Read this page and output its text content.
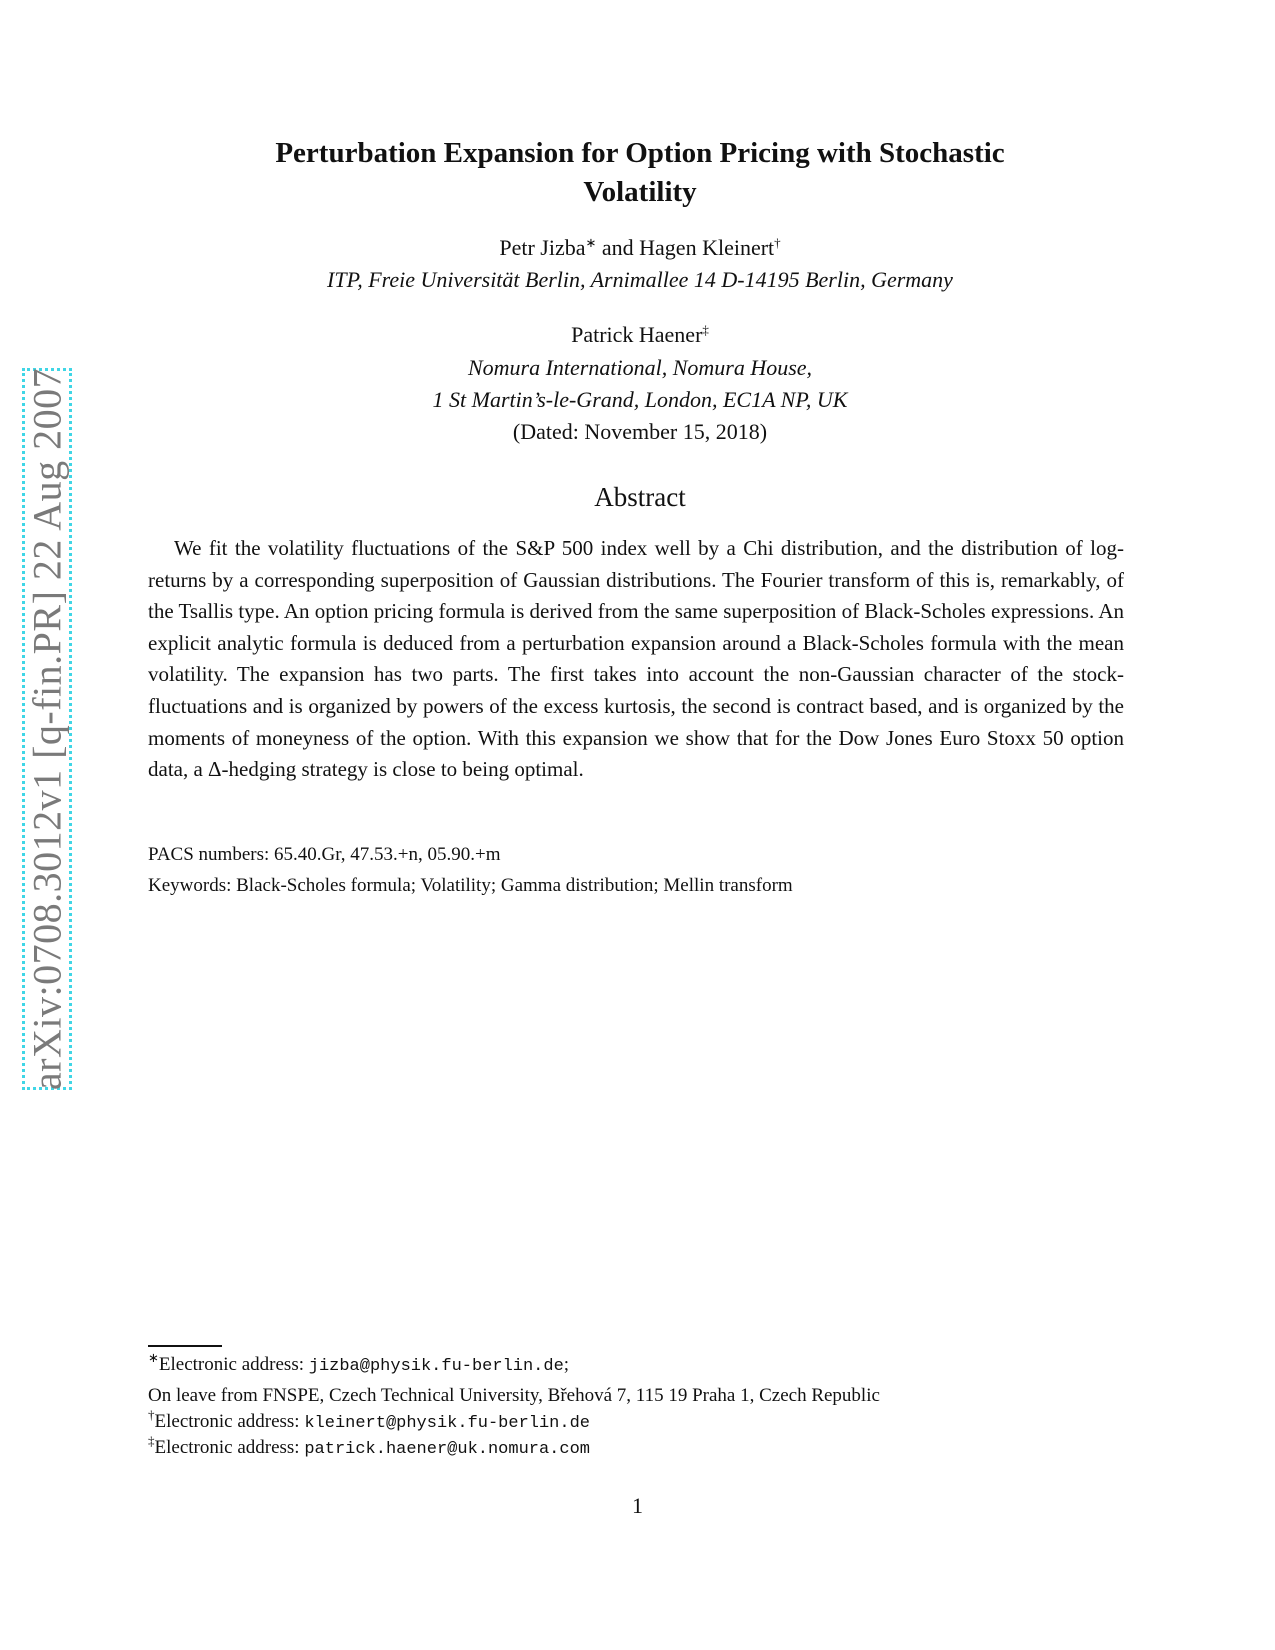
arXiv:0708.3012v1 [q-fin.PR] 22 Aug 2007
Perturbation Expansion for Option Pricing with Stochastic
Volatility
Petr Jizba∗ and Hagen Kleinert†
ITP, Freie Universität Berlin, Arnimallee 14 D-14195 Berlin, Germany
Patrick Haener‡
Nomura International, Nomura House,
1 St Martin’s-le-Grand, London, EC1A NP, UK
(Dated: November 15, 2018)
Abstract
We fit the volatility fluctuations of the S&P 500 index well by a Chi distribution, and the distribution of log-returns by a corresponding superposition of Gaussian distributions. The Fourier transform of this is, remarkably, of the Tsallis type. An option pricing formula is derived from the same superposition of Black-Scholes expressions. An explicit analytic formula is deduced from a perturbation expansion around a Black-Scholes formula with the mean volatility. The expansion has two parts. The first takes into account the non-Gaussian character of the stock-fluctuations and is organized by powers of the excess kurtosis, the second is contract based, and is organized by the moments of moneyness of the option. With this expansion we show that for the Dow Jones Euro Stoxx 50 option data, a Δ-hedging strategy is close to being optimal.
PACS numbers: 65.40.Gr, 47.53.+n, 05.90.+m
Keywords: Black-Scholes formula; Volatility; Gamma distribution; Mellin transform
∗Electronic address: jizba@physik.fu-berlin.de;
On leave from FNSPE, Czech Technical University, Břehová 7, 115 19 Praha 1, Czech Republic
†Electronic address: kleinert@physik.fu-berlin.de
‡Electronic address: patrick.haener@uk.nomura.com
1
